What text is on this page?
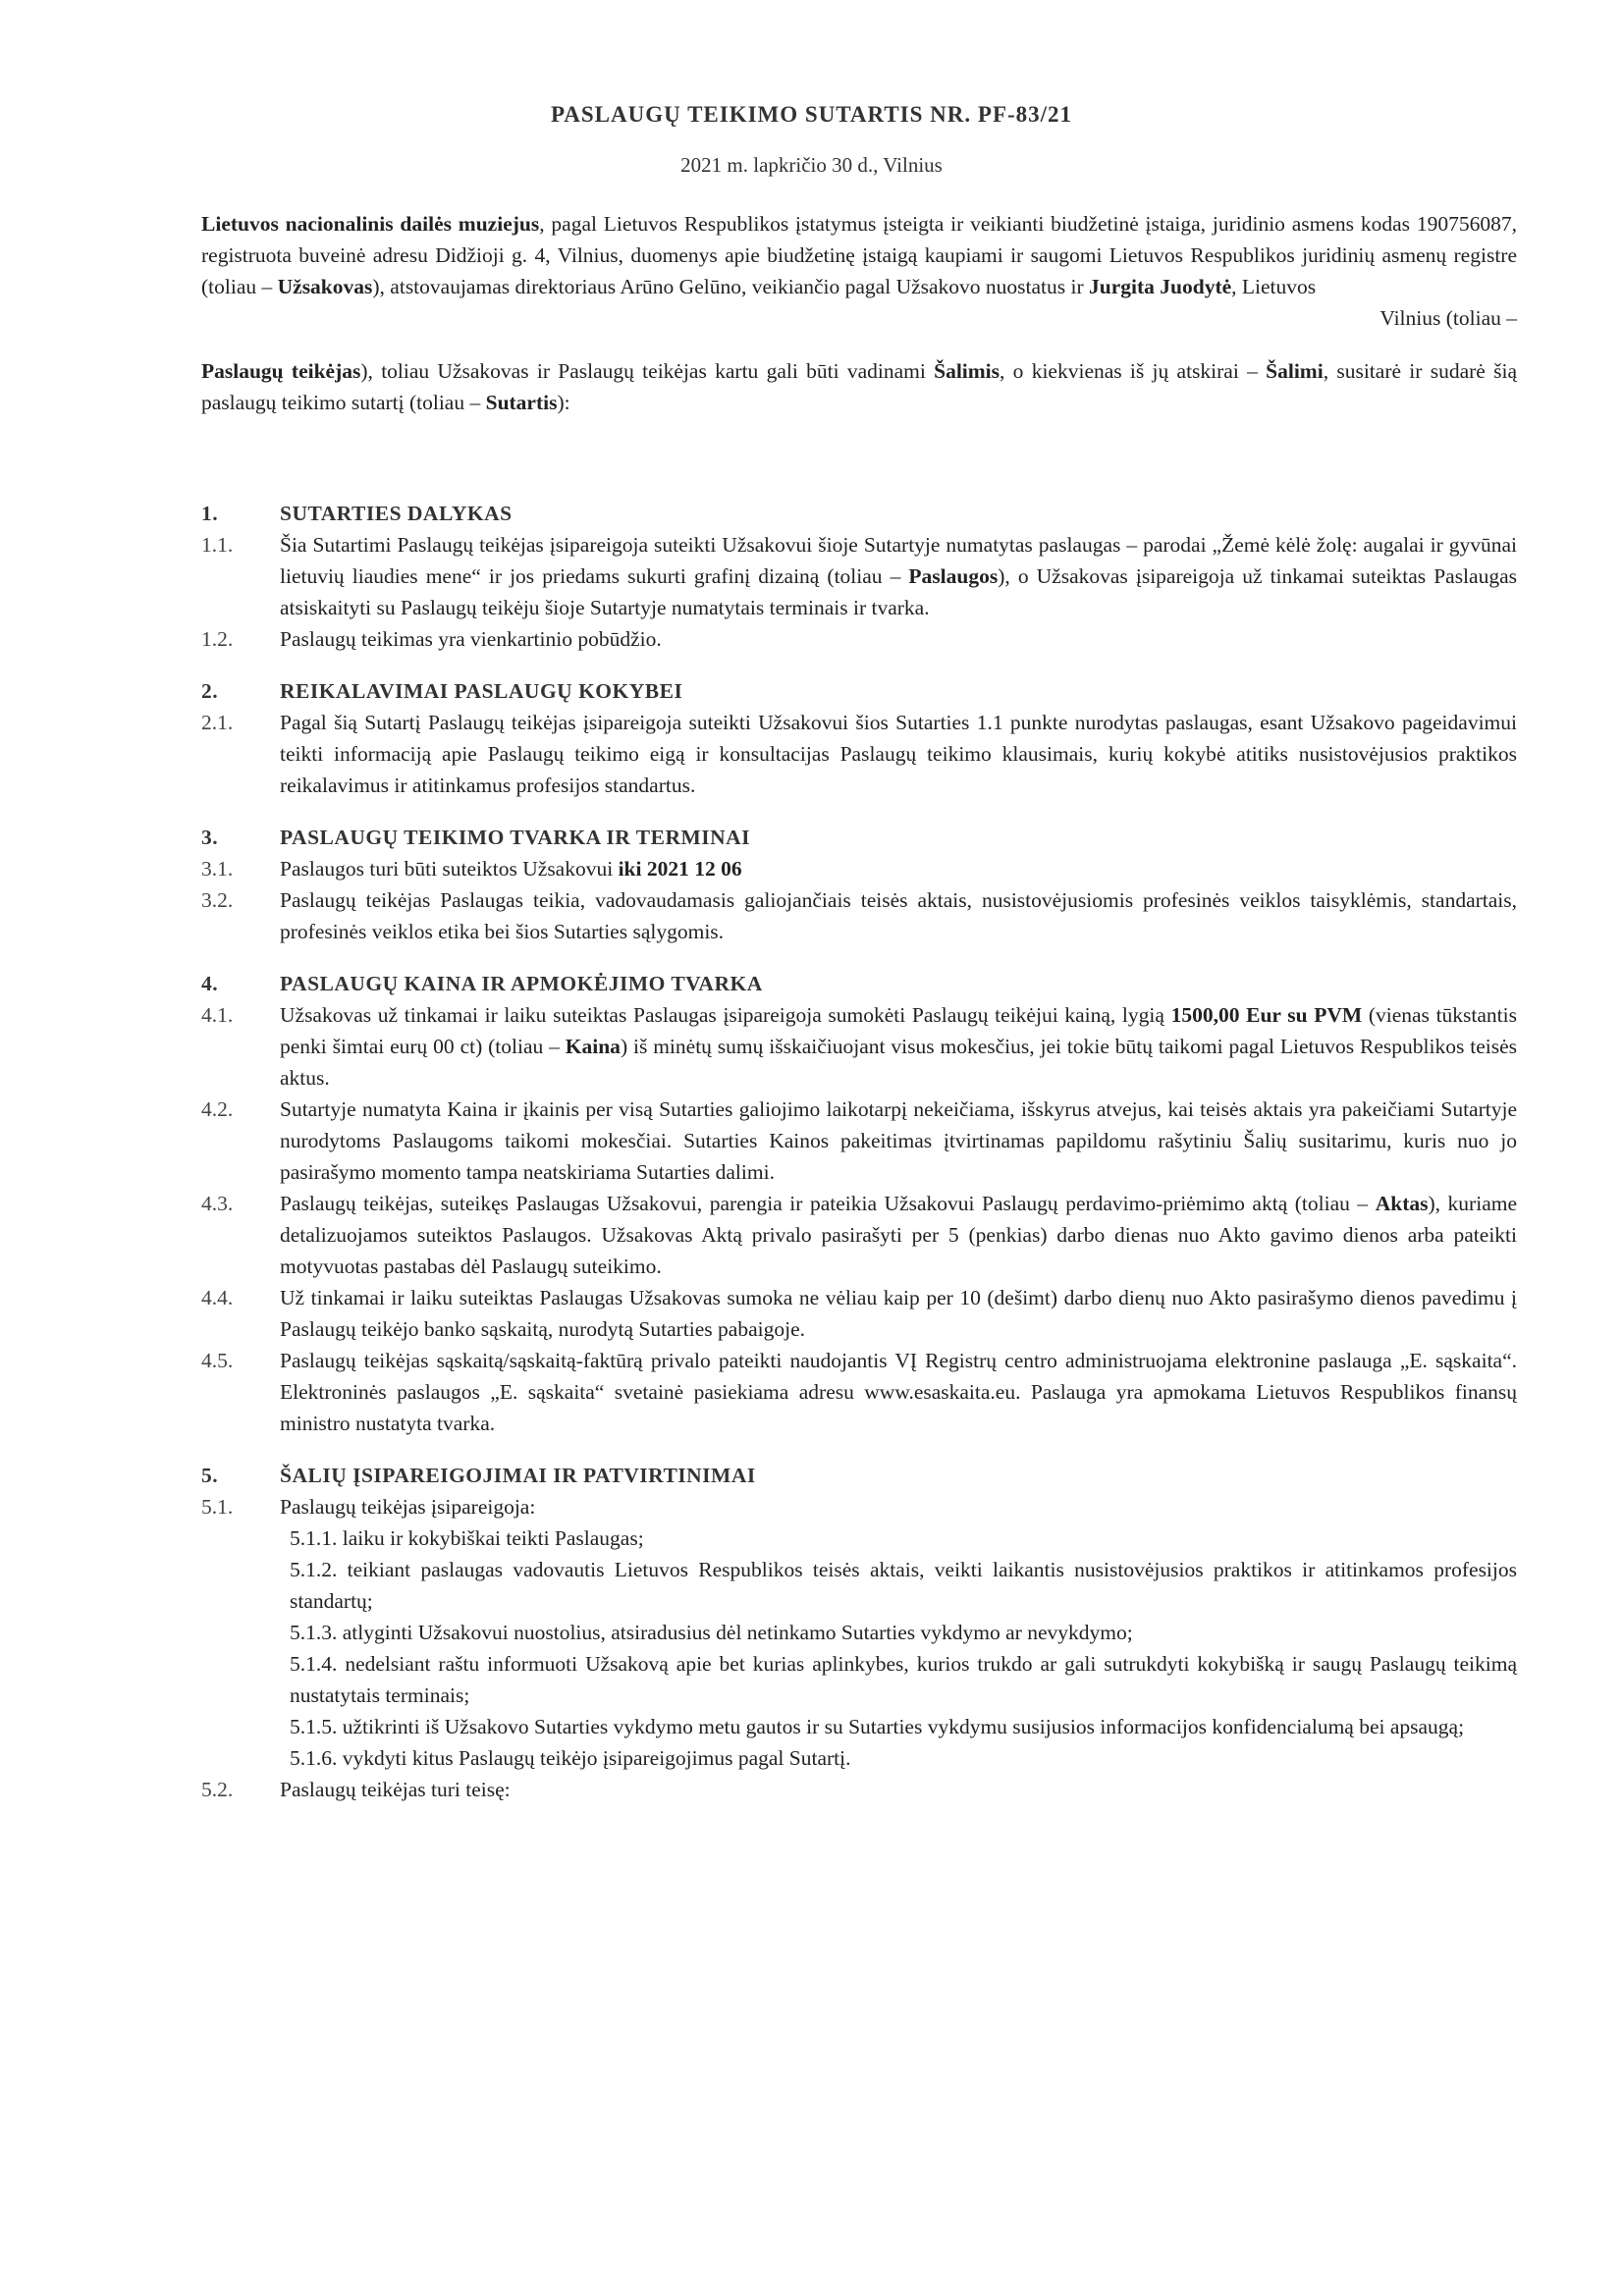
PASLAUGŲ TEIKIMO SUTARTIS NR. PF-83/21
2021 m. lapkričio 30 d., Vilnius

Lietuvos nacionalinis dailės muziejus, pagal Lietuvos Respublikos įstatymus įsteigta ir veikianti biudžetinė įstaiga, juridinio asmens kodas 190756087, registruota buveinė adresu Didžioji g. 4, Vilnius, duomenys apie biudžetinę įstaigą kaupiami ir saugomi Lietuvos Respublikos juridinių asmenų registre (toliau – Užsakovas), atstovaujamas direktoriaus Arūno Gelūno, veikiančio pagal Užsakovo nuostatus ir Jurgita Juodytė, Lietuvos

Vilnius (toliau –

Paslaugų teikėjas), toliau Užsakovas ir Paslaugų teikėjas kartu gali būti vadinami Šalimis, o kiekvienas iš jų atskirai – Šalimi, susitarė ir sudarė šią paslaugų teikimo sutartį (toliau – Sutartis):

1.	SUTARTIES DALYKAS
1.1.	Šia Sutartimi Paslaugų teikėjas įsipareigoja suteikti Užsakovui šioje Sutartyje numatytas paslaugas – parodai „Žemė kėlė žolę: augalai ir gyvūnai lietuvių liaudies mene“ ir jos priedams sukurti grafinį dizainą (toliau – Paslaugos), o Užsakovas įsipareigoja už tinkamai suteiktas Paslaugas atsiskaityti su Paslaugų teikėju šioje Sutartyje numatytais terminais ir tvarka.
1.2.	Paslaugų teikimas yra vienkartinio pobūdžio.
2.	REIKALAVIMAI PASLAUGŲ KOKYBEI
2.1.	Pagal šią Sutartį Paslaugų teikėjas įsipareigoja suteikti Užsakovui šios Sutarties 1.1 punkte nurodytas paslaugas, esant Užsakovo pageidavimui teikti informaciją apie Paslaugų teikimo eigą ir konsultacijas Paslaugų teikimo klausimais, kurių kokybė atitiks nusistovėjusios praktikos reikalavimus ir atitinkamus profesijos standartus.
3.	PASLAUGŲ TEIKIMO TVARKA IR TERMINAI
3.1.	Paslaugos turi būti suteiktos Užsakovui iki 2021 12 06
3.2.	Paslaugų teikėjas Paslaugas teikia, vadovaudamasis galiojančiais teisės aktais, nusistovėjusiomis profesinės veiklos taisyklėmis, standartais, profesinės veiklos etika bei šios Sutarties sąlygomis.
4.	PASLAUGŲ KAINA IR APMOKĖJIMO TVARKA
4.1.	Užsakovas už tinkamai ir laiku suteiktas Paslaugas įsipareigoja sumokėti Paslaugų teikėjui kainą, lygią 1500,00 Eur su PVM (vienas tūkstantis penki šimtai eurų 00 ct) (toliau – Kaina) iš minėtų sumų išskaičiuojant visus mokesčius, jei tokie būtų taikomi pagal Lietuvos Respublikos teisės aktus.
4.2.	Sutartyje numatyta Kaina ir įkainis per visą Sutarties galiojimo laikotarpį nekeičiama, išskyrus atvejus, kai teisės aktais yra pakeičiami Sutartyje nurodytoms Paslaugoms taikomi mokesčiai. Sutarties Kainos pakeitimas įtvirtinamas papildomu rašytiniu Šalių susitarimu, kuris nuo jo pasirašymo momento tampa neatskiriama Sutarties dalimi.
4.3.	Paslaugų teikėjas, suteikęs Paslaugas Užsakovui, parengia ir pateikia Užsakovui Paslaugų perdavimo-priėmimo aktą (toliau – Aktas), kuriame detalizuojamos suteiktos Paslaugos. Užsakovas Aktą privalo pasirašyti per 5 (penkias) darbo dienas nuo Akto gavimo dienos arba pateikti motyvuotas pastabas dėl Paslaugų suteikimo.
4.4.	Už tinkamai ir laiku suteiktas Paslaugas Užsakovas sumoka ne vėliau kaip per 10 (dešimt) darbo dienų nuo Akto pasirašymo dienos pavedimu į Paslaugų teikėjo banko sąskaitą, nurodytą Sutarties pabaigoje.
4.5.	Paslaugų teikėjas sąskaitą/sąskaitą-faktūrą privalo pateikti naudojantis VĮ Registrų centro administruojama elektronine paslauga „E. sąskaita“. Elektroninės paslaugos „E. sąskaita“ svetainė pasiekiama adresu www.esaskaita.eu. Paslauga yra apmokama Lietuvos Respublikos finansų ministro nustatyta tvarka.
5.	ŠALIŲ ĮSIPAREIGOJIMAI IR PATVIRTINIMAI
5.1.	Paslaugų teikėjas įsipareigoja:
5.1.1. laiku ir kokybiškai teikti Paslaugas;
5.1.2. teikiant paslaugas vadovautis Lietuvos Respublikos teisės aktais, veikti laikantis nusistovėjusios praktikos ir atitinkamos profesijos standartų;
5.1.3. atlyginti Užsakovui nuostolius, atsiradusius dėl netinkamo Sutarties vykdymo ar nevykdymo;
5.1.4. nedelsiant raštu informuoti Užsakovą apie bet kurias aplinkybes, kurios trukdo ar gali sutrukdyti kokybišką ir saugų Paslaugų teikimą nustatytais terminais;
5.1.5. užtikrinti iš Užsakovo Sutarties vykdymo metu gautos ir su Sutarties vykdymu susijusios informacijos konfidencialumą bei apsaugą;
5.1.6. vykdyti kitus Paslaugų teikėjo įsipareigojimus pagal Sutartį.
5.2.	Paslaugų teikėjas turi teisę:
